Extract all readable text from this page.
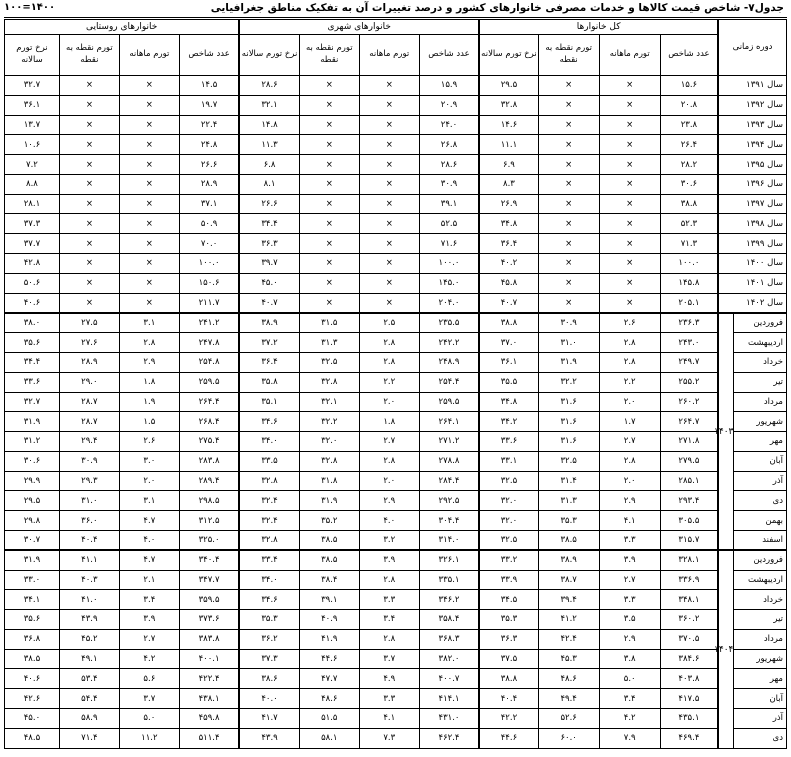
جدول۷- شاخص قیمت کالاها و خدمات مصرفی خانوارهای کشور و درصد تغییرات آن به تفکیک مناطق جغرافیایی
۱۴۰۰=۱۰۰
دوره زمانی		کل خانوارها				خانوارهای شهری				خانوارهای روستایی			
		عدد شاخص	تورم ماهانه	تورم نقطه به نقطه	نرخ تورم سالانه	عدد شاخص	تورم ماهانه	تورم نقطه به نقطه	نرخ تورم سالانه	عدد شاخص	تورم ماهانه	تورم نقطه به نقطه	نرخ تورم سالانه
سال ۱۳۹۱		۱۵.۶	×	×	۲۹.۵	۱۵.۹	×	×	۲۸.۶	۱۴.۵	×	×	۳۲.۷
سال ۱۳۹۲		۲۰.۸	×	×	۳۲.۸	۲۰.۹	×	×	۳۲.۱	۱۹.۷	×	×	۳۶.۱
سال ۱۳۹۳		۲۳.۸	×	×	۱۴.۶	۲۴.۰	×	×	۱۴.۸	۲۲.۴	×	×	۱۳.۷
سال ۱۳۹۴		۲۶.۴	×	×	۱۱.۱	۲۶.۸	×	×	۱۱.۳	۲۴.۸	×	×	۱۰.۶
سال ۱۳۹۵		۲۸.۲	×	×	۶.۹	۲۸.۶	×	×	۶.۸	۲۶.۶	×	×	۷.۲
سال ۱۳۹۶		۳۰.۶	×	×	۸.۳	۳۰.۹	×	×	۸.۱	۲۸.۹	×	×	۸.۸
سال ۱۳۹۷		۳۸.۸	×	×	۲۶.۹	۳۹.۱	×	×	۲۶.۶	۳۷.۱	×	×	۲۸.۱
سال ۱۳۹۸		۵۲.۳	×	×	۳۴.۸	۵۲.۵	×	×	۳۴.۴	۵۰.۹	×	×	۳۷.۳
سال ۱۳۹۹		۷۱.۳	×	×	۳۶.۴	۷۱.۶	×	×	۳۶.۳	۷۰.۰	×	×	۳۷.۷
سال ۱۴۰۰		۱۰۰.۰	×	×	۴۰.۲	۱۰۰.۰	×	×	۳۹.۷	۱۰۰.۰	×	×	۴۲.۸
سال ۱۴۰۱		۱۴۵.۸	×	×	۴۵.۸	۱۴۵.۰	×	×	۴۵.۰	۱۵۰.۶	×	×	۵۰.۶
سال ۱۴۰۲		۲۰۵.۱	×	×	۴۰.۷	۲۰۴.۰	×	×	۴۰.۷	۲۱۱.۷	×	×	۴۰.۶
فروردین	۱۴۰۳	۲۳۶.۳	۲.۶	۳۰.۹	۳۸.۸	۲۳۵.۵	۲.۵	۳۱.۵	۳۸.۹	۲۴۱.۲	۳.۱	۲۷.۵	۳۸.۰
اردیبهشت		۲۴۳.۰	۲.۸	۳۱.۰	۳۷.۰	۲۴۲.۲	۲.۸	۳۱.۳	۳۷.۲	۲۴۷.۸	۲.۸	۲۷.۶	۳۵.۶
خرداد		۲۴۹.۷	۲.۸	۳۱.۹	۳۶.۱	۲۴۸.۹	۲.۸	۳۲.۵	۳۶.۴	۲۵۴.۸	۲.۹	۲۸.۹	۳۴.۴
تیر		۲۵۵.۲	۲.۲	۳۲.۲	۳۵.۵	۲۵۴.۴	۲.۲	۳۲.۸	۳۵.۸	۲۵۹.۵	۱.۸	۲۹.۰	۳۳.۶
مرداد		۲۶۰.۲	۲.۰	۳۱.۶	۳۴.۸	۲۵۹.۵	۲.۰	۳۲.۱	۳۵.۱	۲۶۴.۴	۱.۹	۲۸.۷	۳۲.۷
شهریور		۲۶۴.۷	۱.۷	۳۱.۶	۳۴.۲	۲۶۴.۱	۱.۸	۳۲.۲	۳۴.۶	۲۶۸.۴	۱.۵	۲۸.۷	۳۱.۹
مهر		۲۷۱.۸	۲.۷	۳۱.۶	۳۳.۶	۲۷۱.۲	۲.۷	۳۲.۰	۳۴.۰	۲۷۵.۴	۲.۶	۲۹.۴	۳۱.۲
آبان		۲۷۹.۵	۲.۸	۳۲.۵	۳۳.۱	۲۷۸.۸	۲.۸	۳۲.۸	۳۳.۵	۲۸۳.۸	۳.۰	۳۰.۹	۳۰.۶
آذر		۲۸۵.۱	۲.۰	۳۱.۴	۳۲.۵	۲۸۴.۴	۲.۰	۳۱.۸	۳۲.۸	۲۸۹.۴	۲.۰	۲۹.۳	۲۹.۹
دی		۲۹۳.۴	۲.۹	۳۱.۳	۳۲.۰	۲۹۲.۵	۲.۹	۳۱.۹	۳۲.۴	۲۹۸.۵	۳.۱	۳۱.۰	۲۹.۵
بهمن		۳۰۵.۵	۴.۱	۳۵.۳	۳۲.۰	۳۰۴.۴	۴.۰	۳۵.۲	۳۲.۴	۳۱۲.۵	۴.۷	۳۶.۰	۲۹.۸
اسفند		۳۱۵.۷	۳.۳	۳۸.۵	۳۲.۵	۳۱۴.۰	۳.۲	۳۸.۵	۳۲.۸	۳۲۵.۰	۴.۰	۴۰.۴	۳۰.۷
فروردین	۱۴۰۴	۳۲۸.۱	۳.۹	۳۸.۹	۳۳.۲	۳۲۶.۱	۳.۹	۳۸.۵	۳۳.۴	۳۴۰.۴	۴.۷	۴۱.۱	۳۱.۹
اردیبهشت		۳۳۶.۹	۲.۷	۳۸.۷	۳۳.۹	۳۳۵.۱	۲.۸	۳۸.۴	۳۴.۰	۳۴۷.۷	۲.۱	۴۰.۳	۳۳.۰
خرداد		۳۴۸.۱	۳.۳	۳۹.۴	۳۴.۵	۳۴۶.۲	۳.۳	۳۹.۱	۳۴.۶	۳۵۹.۵	۳.۴	۴۱.۰	۳۴.۱
تیر		۳۶۰.۲	۳.۵	۴۱.۲	۳۵.۳	۳۵۸.۴	۳.۴	۴۰.۹	۳۵.۳	۳۷۳.۶	۳.۹	۴۳.۹	۳۵.۶
مرداد		۳۷۰.۵	۲.۹	۴۲.۴	۳۶.۳	۳۶۸.۳	۲.۸	۴۱.۹	۳۶.۲	۳۸۳.۸	۲.۷	۴۵.۲	۳۶.۸
شهریور		۳۸۴.۶	۳.۸	۴۵.۳	۳۷.۵	۳۸۲.۰	۳.۷	۴۴.۶	۳۷.۳	۴۰۰.۱	۴.۲	۴۹.۱	۳۸.۵
مهر		۴۰۳.۸	۵.۰	۴۸.۶	۳۸.۸	۴۰۰.۷	۴.۹	۴۷.۷	۳۸.۶	۴۲۲.۴	۵.۶	۵۳.۴	۴۰.۶
آبان		۴۱۷.۵	۳.۴	۴۹.۴	۴۰.۴	۴۱۴.۱	۳.۳	۴۸.۶	۴۰.۰	۴۳۸.۱	۳.۷	۵۴.۴	۴۲.۶
آذر		۴۳۵.۱	۴.۲	۵۲.۶	۴۲.۲	۴۳۱.۰	۴.۱	۵۱.۵	۴۱.۷	۴۵۹.۸	۵.۰	۵۸.۹	۴۵.۰
دی		۴۶۹.۴	۷.۹	۶۰.۰	۴۴.۶	۴۶۲.۴	۷.۳	۵۸.۱	۴۳.۹	۵۱۱.۴	۱۱.۲	۷۱.۴	۴۸.۵
